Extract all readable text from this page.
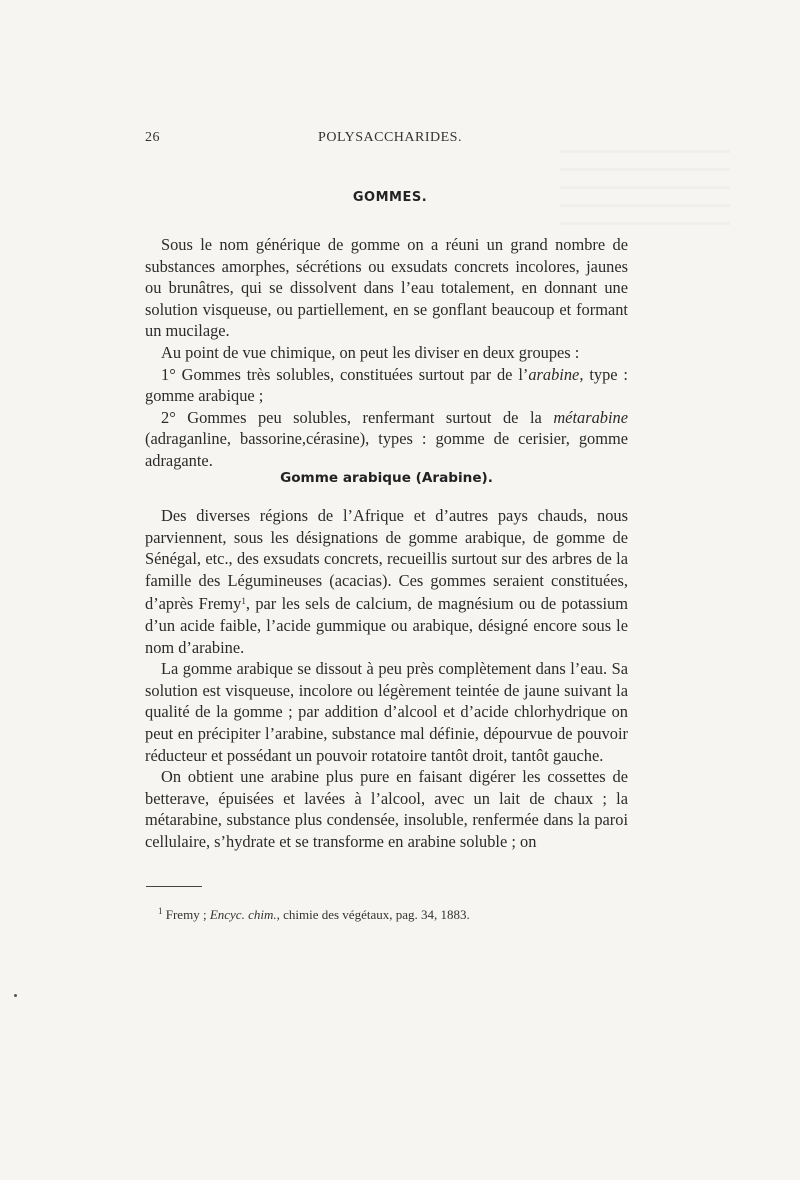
26	POLYSACCHARIDES.
GOMMES.

Sous le nom générique de gomme on a réuni un grand nombre de substances amorphes, sécrétions ou exsudats concrets incolores, jaunes ou brunâtres, qui se dissolvent dans l’eau totalement, en donnant une solution visqueuse, ou partiellement, en se gonflant beaucoup et formant un mucilage.

Au point de vue chimique, on peut les diviser en deux groupes :

1° Gommes très solubles, constituées surtout par de l’arabine, type : gomme arabique ;

2° Gommes peu solubles, renfermant surtout de la métarabine (adraganline, bassorine,cérasine), types : gomme de cerisier, gomme adragante.

Gomme arabique (Arabine).

Des diverses régions de l’Afrique et d’autres pays chauds, nous parviennent, sous les désignations de gomme arabique, de gomme de Sénégal, etc., des exsudats concrets, recueillis surtout sur des arbres de la famille des Légumineuses (acacias). Ces gommes seraient constituées, d’après Fremy$^1$, par les sels de calcium, de magnésium ou de potassium d’un acide faible, l’acide gummique ou arabique, désigné encore sous le nom d’arabine.

La gomme arabique se dissout à peu près complètement dans l’eau. Sa solution est visqueuse, incolore ou légèrement teintée de jaune suivant la qualité de la gomme ; par addition d’alcool et d’acide chlorhydrique on peut en précipiter l’arabine, substance mal définie, dépourvue de pouvoir réducteur et possédant un pouvoir rotatoire tantôt droit, tantôt gauche.

On obtient une arabine plus pure en faisant digérer les cossettes de betterave, épuisées et lavées à l’alcool, avec un lait de chaux ; la métarabine, substance plus condensée, insoluble, renfermée dans la paroi cellulaire, s’hydrate et se transforme en arabine soluble ; on

$^1$ Fremy ; Encyc. chim., chimie des végétaux, pag. 34, 1883.
